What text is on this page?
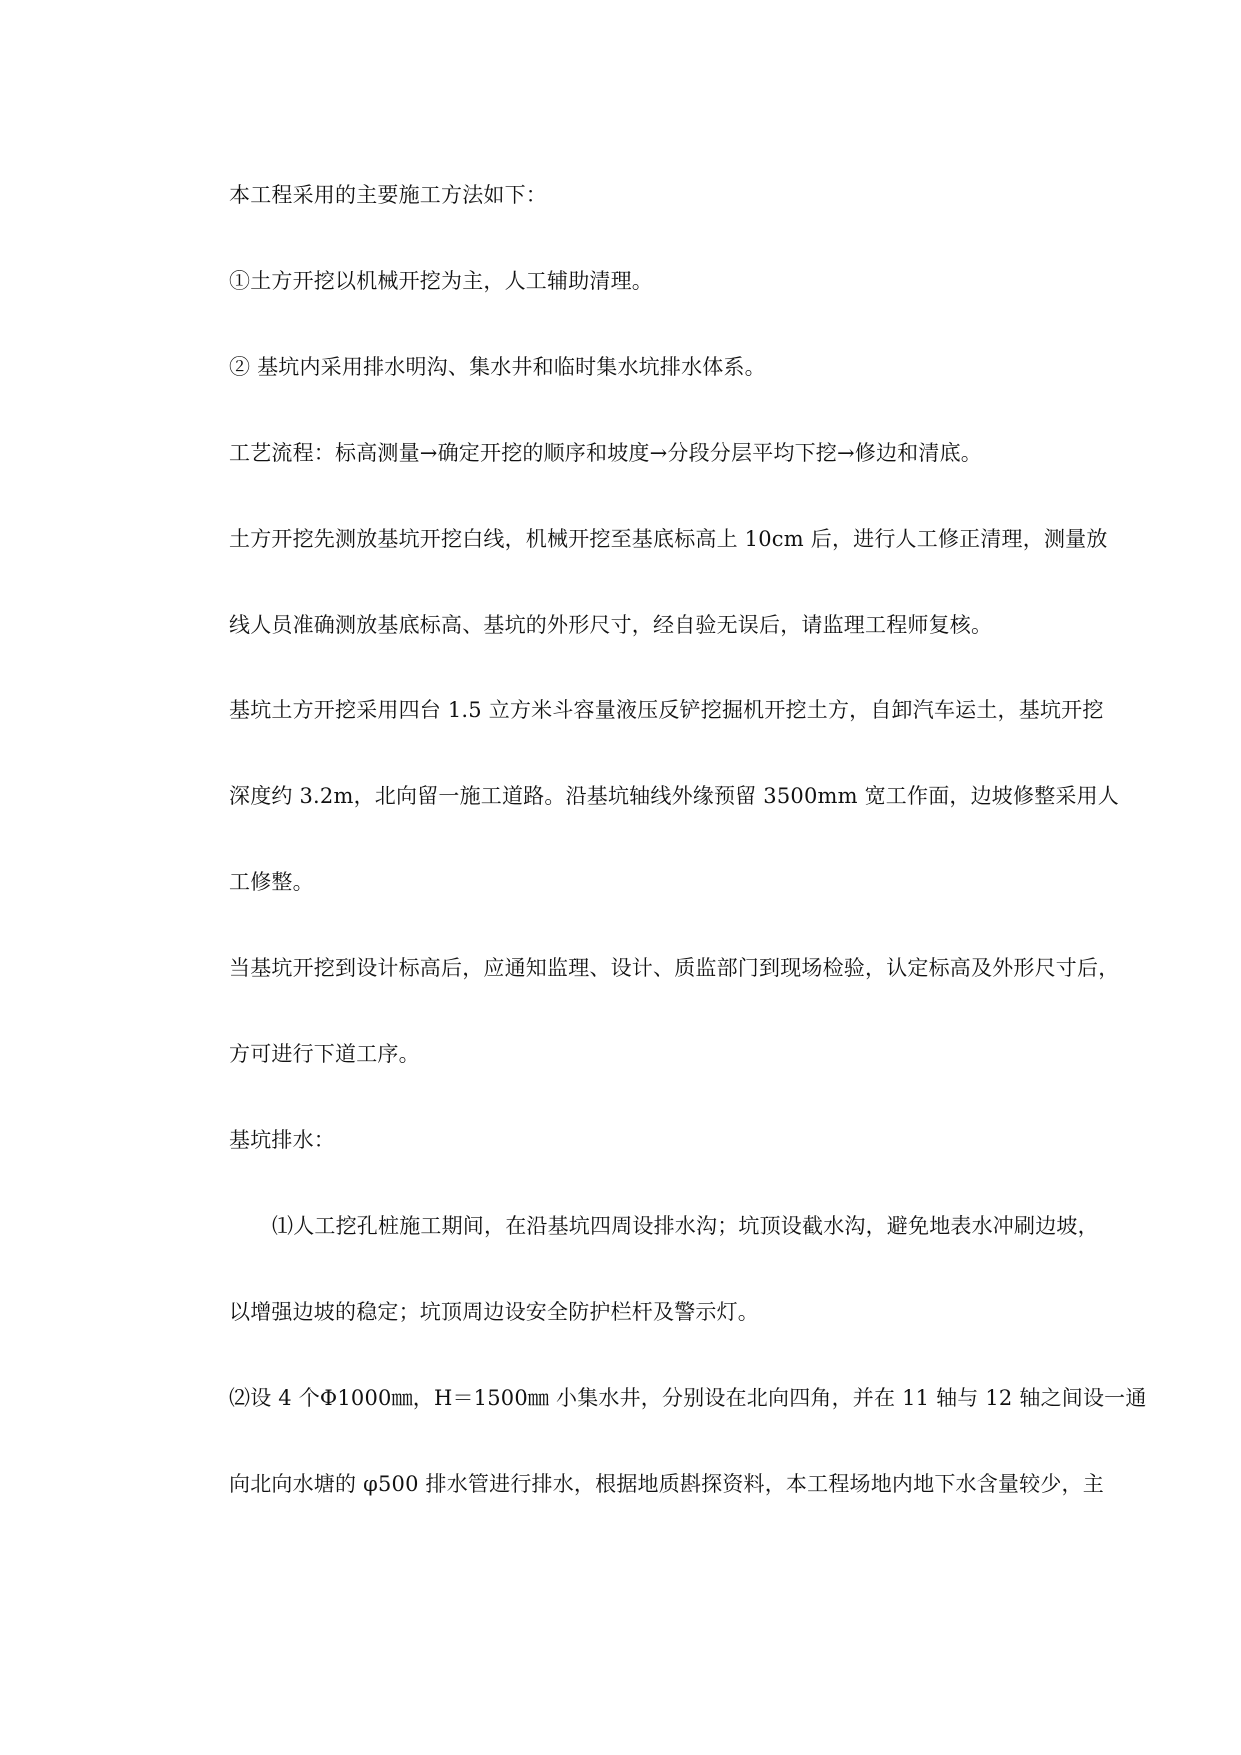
本工程采用的主要施工方法如下：
①土方开挖以机械开挖为主，人工辅助清理。
② 基坑内采用排水明沟、集水井和临时集水坑排水体系。
工艺流程：标高测量→确定开挖的顺序和坡度→分段分层平均下挖→修边和清底。
土方开挖先测放基坑开挖白线，机械开挖至基底标高上 10cm 后，进行人工修正清理，测量放
线人员准确测放基底标高、基坑的外形尺寸，经自验无误后，请监理工程师复核。
基坑土方开挖采用四台 1.5 立方米斗容量液压反铲挖掘机开挖土方，自卸汽车运土，基坑开挖
深度约 3.2m，北向留一施工道路。沿基坑轴线外缘预留 3500mm 宽工作面，边坡修整采用人
工修整。
当基坑开挖到设计标高后，应通知监理、设计、质监部门到现场检验，认定标高及外形尺寸后，
方可进行下道工序。
基坑排水：
⑴人工挖孔桩施工期间，在沿基坑四周设排水沟；坑顶设截水沟，避免地表水冲刷边坡，
以增强边坡的稳定；坑顶周边设安全防护栏杆及警示灯。
⑵设 4 个Φ1000㎜，H＝1500㎜ 小集水井，分别设在北向四角，并在 11 轴与 12 轴之间设一通
向北向水塘的 φ500 排水管进行排水，根据地质斟探资料，本工程场地内地下水含量较少，主
